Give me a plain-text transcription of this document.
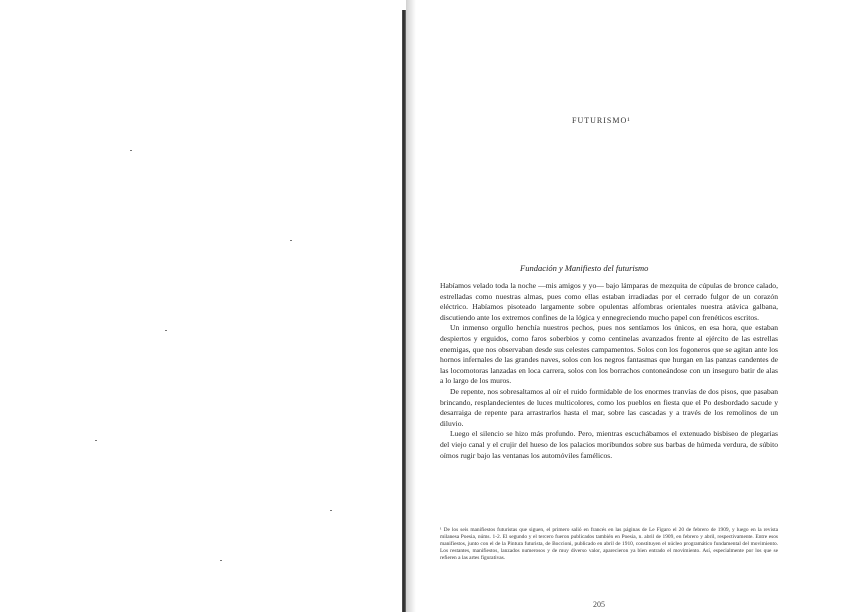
FUTURISMO¹
Fundación y Manifiesto del futurismo

Habíamos velado toda la noche —mis amigos y yo— bajo lámparas de mezquita de cúpulas de bronce calado, estrelladas como nuestras almas, pues como ellas estaban irradiadas por el cerrado fulgor de un corazón eléctrico. Habíamos pisoteado largamente sobre opulentas alfombras orientales nuestra atávica galbana, discutiendo ante los extremos confines de la lógica y ennegreciendo mucho papel con frenéticos escritos.

Un inmenso orgullo henchía nuestros pechos, pues nos sentíamos los únicos, en esa hora, que estaban despiertos y erguidos, como faros soberbios y como centinelas avanzados frente al ejército de las estrellas enemigas, que nos observaban desde sus celestes campamentos. Solos con los fogoneros que se agitan ante los hornos infernales de las grandes naves, solos con los negros fantasmas que hurgan en las panzas candentes de las locomotoras lanzadas en loca carrera, solos con los borrachos contoneándose con un inseguro batir de alas a lo largo de los muros.

De repente, nos sobresaltamos al oír el ruido formidable de los enormes tranvías de dos pisos, que pasaban brincando, resplandecientes de luces multicolores, como los pueblos en fiesta que el Po desbordado sacude y desarraiga de repente para arrastrarlos hasta el mar, sobre las cascadas y a través de los remolinos de un diluvio.

Luego el silencio se hizo más profundo. Pero, mientras escuchábamos el extenuado bisbiseo de plegarias del viejo canal y el crujir del hueso de los palacios moribundos sobre sus barbas de húmeda verdura, de súbito oímos rugir bajo las ventanas los automóviles famélicos.

¹ De los seis manifiestos futuristas que siguen, el primero salió en francés en las páginas de Le Figaro el 20 de febrero de 1909, y luego en la revista milanesa Poesia, núms. 1-2. El segundo y el tercero fueron publicados también en Poesia, n. abril de 1909, en febrero y abril, respectivamente. Entre esos manifiestos, junto con el de la Pintura futurista, de Boccioni, publicado en abril de 1910, constituyen el núcleo programático fundamental del movimiento. Los restantes, manifiestos, lanzados numerosos y de muy diverso valor, aparecieron ya bien entrado el movimiento. Así, especialmente por los que se refieren a las artes figurativas.
205
